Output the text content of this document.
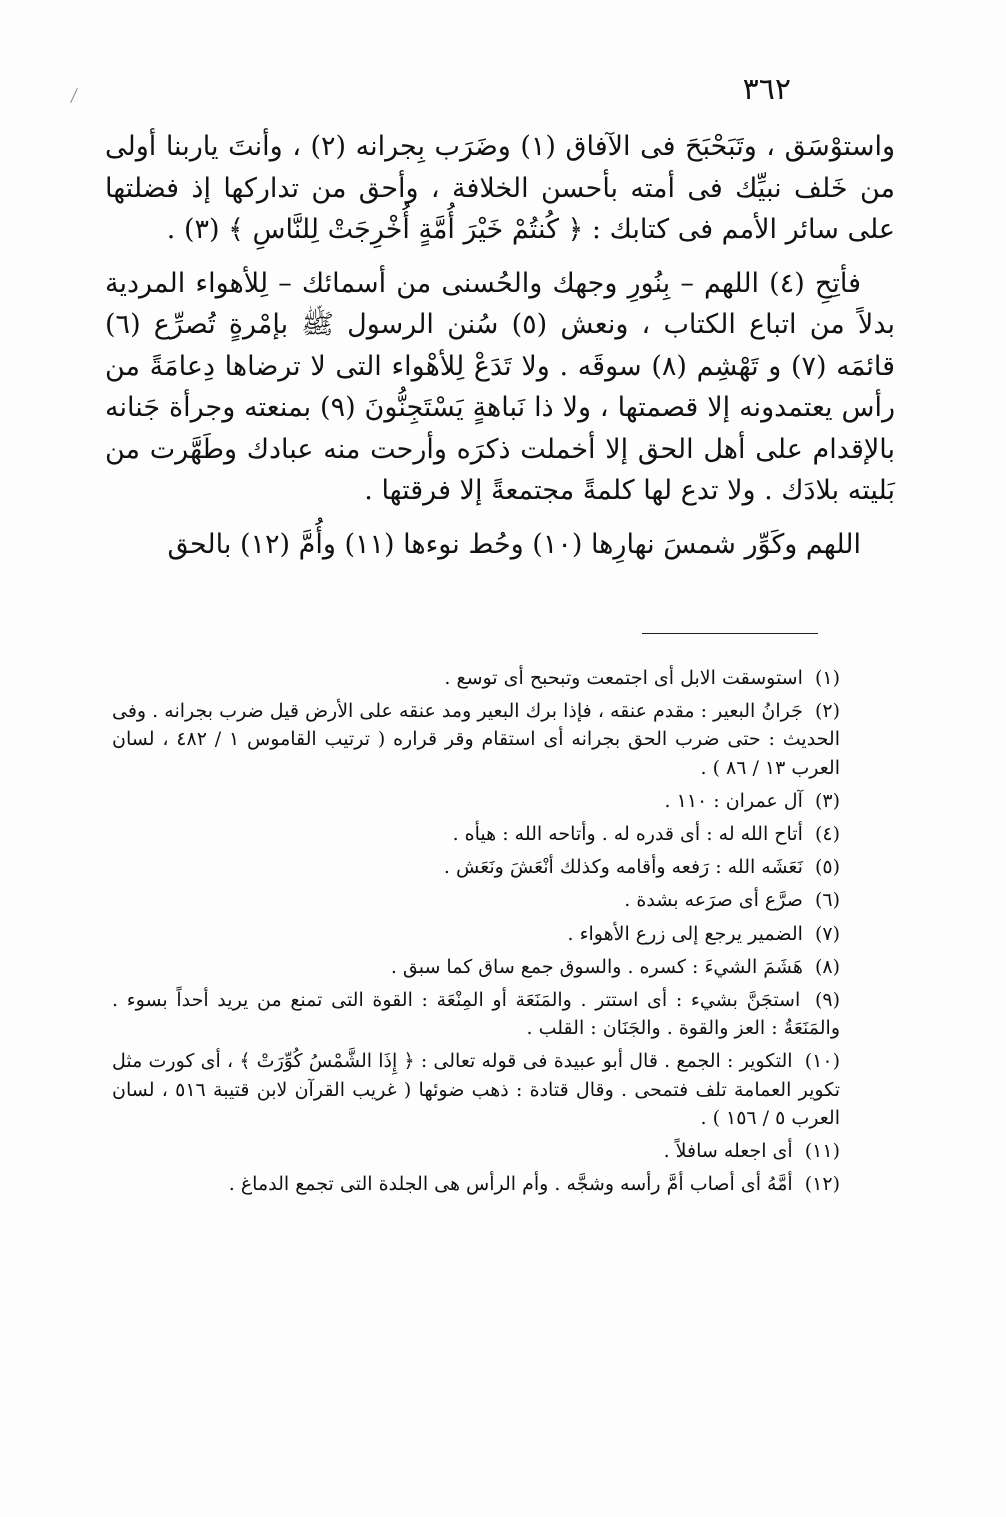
٣٦٢

واستوْسَق ، وتَبَحْبَحَ فى الآفاق (١) وضَرَب بِجرانه (٢) ، وأنتَ ياربنا أولى من خَلف نبيِّك فى أمته بأحسن الخلافة ، وأحق من تداركها إذ فضلتها على سائر الأمم فى كتابك : ﴿ كُنتُمْ خَيْرَ أُمَّةٍ أُخْرِجَتْ لِلنَّاسِ ﴾ (٣) .

فأتِحِ (٤) اللهم – بِنُورِ وجهك والحُسنى من أسمائك – لِلأهواء المردية بدلاً من اتباع الكتاب ، ونعش (٥) سُنن الرسول ﷺ بإمْرةٍ تُصرِّع (٦) قائمَه (٧) و تَهْشِم (٨) سوقَه . ولا تَدَعْ لِلأهْواء التى لا ترضاها دِعامَةً من رأس يعتمدونه إلا قصمتها ، ولا ذا نَباهةٍ يَسْتَجِنُّونَ (٩) بمنعته وجرأة جَنانه بالإقدام على أهل الحق إلا أخملت ذكرَه وأرحت منه عبادك وطَهَّرت من بَليته بلادَك . ولا تدع لها كلمةً مجتمعةً إلا فرقتها .

اللهم وكَوِّر شمسَ نهارِها (١٠) وحُط نوءها (١١) وأُمَّ (١٢) بالحق

(١) استوسقت الابل أى اجتمعت وتبحبح أى توسع .

(٢) جَرانُ البعير : مقدم عنقه ، فإذا برك البعير ومد عنقه على الأرض قيل ضرب بجرانه . وفى الحديث : حتى ضرب الحق بجرانه أى استقام وقر قراره ( ترتيب القاموس ١ / ٤٨٢ ، لسان العرب ١٣ / ٨٦ ) .

(٣) آل عمران : ١١٠ .

(٤) أتاح الله له : أى قدره له . وأتاحه الله : هيأه .

(٥) نَعَشَه الله : رَفعه وأقامه وكذلك أنْعَشَ ونَعَش .

(٦) صرَّع أى صرَعه بشدة .

(٧) الضمير يرجع إلى زرع الأهواء .

(٨) هَشَمَ الشيءَ : كسره . والسوق جمع ساق كما سبق .

(٩) استجَنَّ بشيء : أى استتر . والمَنَعَة أو المِنْعَة : القوة التى تمنع من يريد أحداً بسوء . والمَنَعَةُ : العز والقوة . والجَنَان : القلب .

(١٠) التكوير : الجمع . قال أبو عبيدة فى قوله تعالى : ﴿ إِذَا الشَّمْسُ كُوِّرَتْ ﴾ ، أى كورت مثل تكوير العمامة تلف فتمحى . وقال قتادة : ذهب ضوئها ( غريب القرآن لابن قتيبة ٥١٦ ، لسان العرب ٥ / ١٥٦ ) .

(١١) أى اجعله سافلاً .

(١٢) أمَّهُ أى أصاب أمَّ رأسه وشجَّه . وأم الرأس هى الجلدة التى تجمع الدماغ .
